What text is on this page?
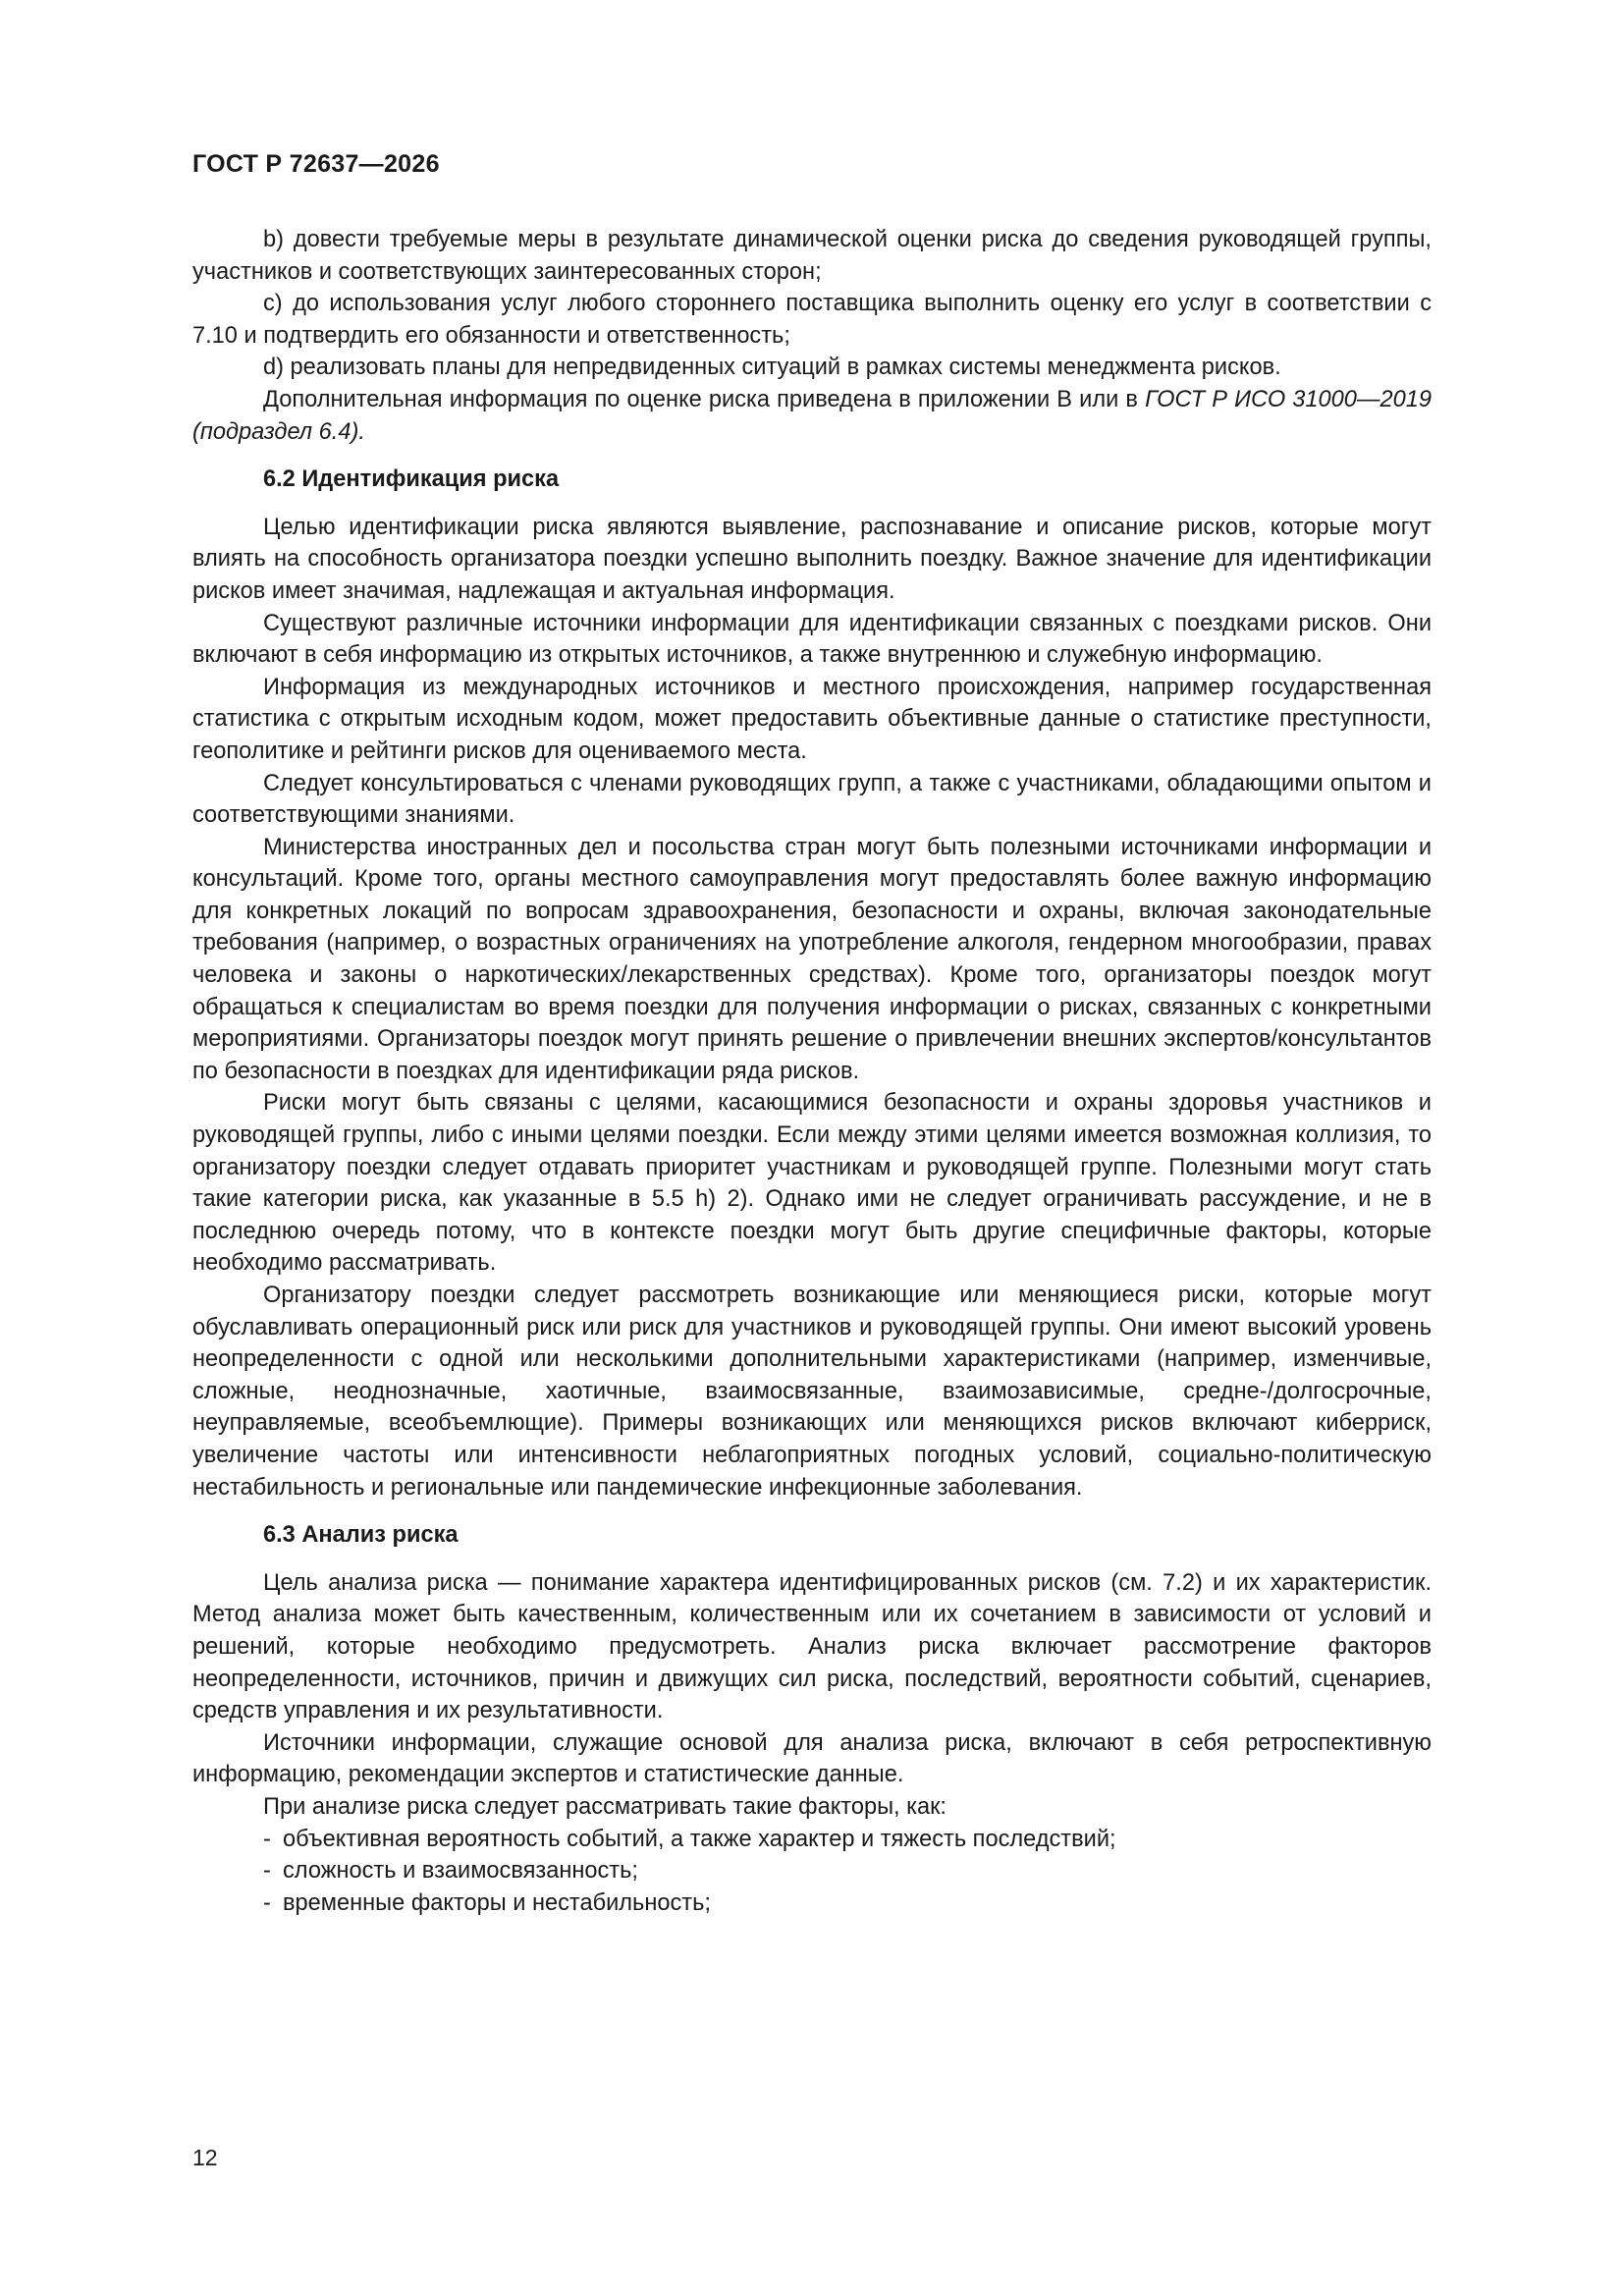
ГОСТ Р 72637—2026

b) довести требуемые меры в результате динамической оценки риска до сведения руководящей группы, участников и соответствующих заинтересованных сторон;

c) до использования услуг любого стороннего поставщика выполнить оценку его услуг в соответствии с 7.10 и подтвердить его обязанности и ответственность;

d) реализовать планы для непредвиденных ситуаций в рамках системы менеджмента рисков.

Дополнительная информация по оценке риска приведена в приложении В или в ГОСТ Р ИСО 31000—2019 (подраздел 6.4).

6.2 Идентификация риска

Целью идентификации риска являются выявление, распознавание и описание рисков, которые могут влиять на способность организатора поездки успешно выполнить поездку. Важное значение для идентификации рисков имеет значимая, надлежащая и актуальная информация.

Существуют различные источники информации для идентификации связанных с поездками рисков. Они включают в себя информацию из открытых источников, а также внутреннюю и служебную информацию.

Информация из международных источников и местного происхождения, например государственная статистика с открытым исходным кодом, может предоставить объективные данные о статистике преступности, геополитике и рейтинги рисков для оцениваемого места.

Следует консультироваться с членами руководящих групп, а также с участниками, обладающими опытом и соответствующими знаниями.

Министерства иностранных дел и посольства стран могут быть полезными источниками информации и консультаций. Кроме того, органы местного самоуправления могут предоставлять более важную информацию для конкретных локаций по вопросам здравоохранения, безопасности и охраны, включая законодательные требования (например, о возрастных ограничениях на употребление алкоголя, гендерном многообразии, правах человека и законы о наркотических/лекарственных средствах). Кроме того, организаторы поездок могут обращаться к специалистам во время поездки для получения информации о рисках, связанных с конкретными мероприятиями. Организаторы поездок могут принять решение о привлечении внешних экспертов/консультантов по безопасности в поездках для идентификации ряда рисков.

Риски могут быть связаны с целями, касающимися безопасности и охраны здоровья участников и руководящей группы, либо с иными целями поездки. Если между этими целями имеется возможная коллизия, то организатору поездки следует отдавать приоритет участникам и руководящей группе. Полезными могут стать такие категории риска, как указанные в 5.5 h) 2). Однако ими не следует ограничивать рассуждение, и не в последнюю очередь потому, что в контексте поездки могут быть другие специфичные факторы, которые необходимо рассматривать.

Организатору поездки следует рассмотреть возникающие или меняющиеся риски, которые могут обуславливать операционный риск или риск для участников и руководящей группы. Они имеют высокий уровень неопределенности с одной или несколькими дополнительными характеристиками (например, изменчивые, сложные, неоднозначные, хаотичные, взаимосвязанные, взаимозависимые, средне-/долгосрочные, неуправляемые, всеобъемлющие). Примеры возникающих или меняющихся рисков включают киберриск, увеличение частоты или интенсивности неблагоприятных погодных условий, социально-политическую нестабильность и региональные или пандемические инфекционные заболевания.

6.3 Анализ риска

Цель анализа риска — понимание характера идентифицированных рисков (см. 7.2) и их характеристик. Метод анализа может быть качественным, количественным или их сочетанием в зависимости от условий и решений, которые необходимо предусмотреть. Анализ риска включает рассмотрение факторов неопределенности, источников, причин и движущих сил риска, последствий, вероятности событий, сценариев, средств управления и их результативности.

Источники информации, служащие основой для анализа риска, включают в себя ретроспективную информацию, рекомендации экспертов и статистические данные.

При анализе риска следует рассматривать такие факторы, как:

- объективная вероятность событий, а также характер и тяжесть последствий;
- сложность и взаимосвязанность;
- временные факторы и нестабильность;
12
